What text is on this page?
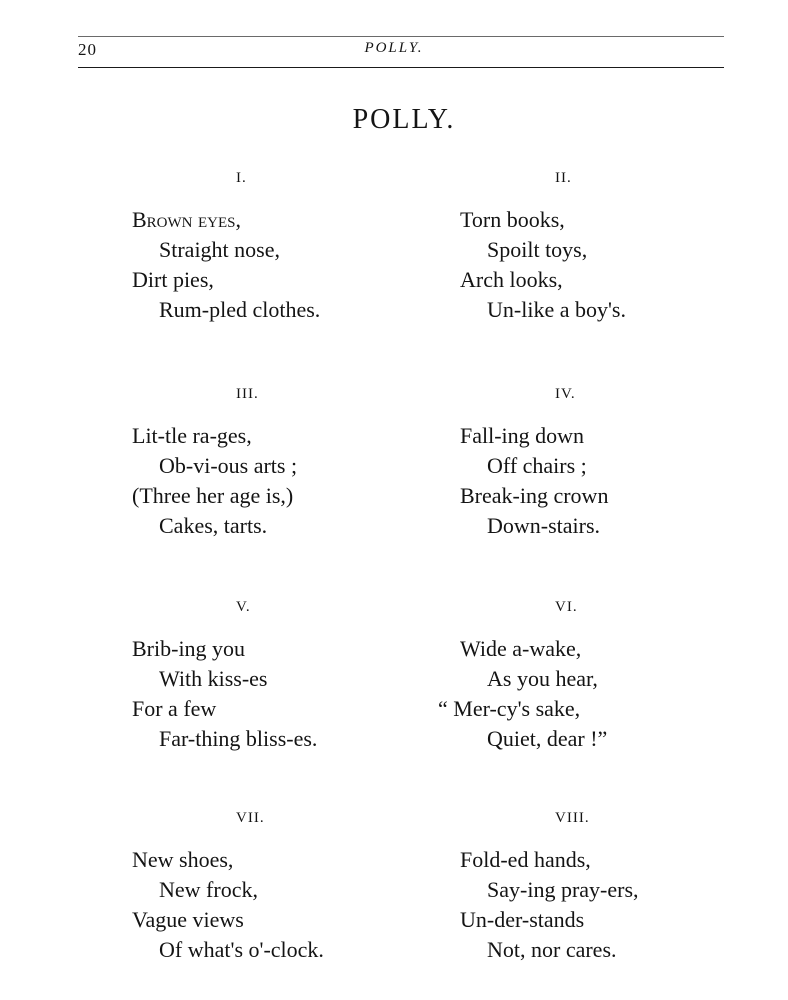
20	POLLY.
POLLY.
I.
Brown eyes,
Straight nose,
Dirt pies,
Rum-pled clothes.
II.
Torn books,
Spoilt toys,
Arch looks,
Un-like a boy's.
III.
Lit-tle ra-ges,
Ob-vi-ous arts ;
(Three her age is,)
Cakes, tarts.
IV.
Fall-ing down
Off chairs ;
Break-ing crown
Down-stairs.
V.
Brib-ing you
With kiss-es
For a few
Far-thing bliss-es.
VI.
Wide a-wake,
As you hear,
“ Mer-cy's sake,
Quiet, dear !”
VII.
New shoes,
New frock,
Vague views
Of what's o'-clock.
VIII.
Fold-ed hands,
Say-ing pray-ers,
Un-der-stands
Not, nor cares.
